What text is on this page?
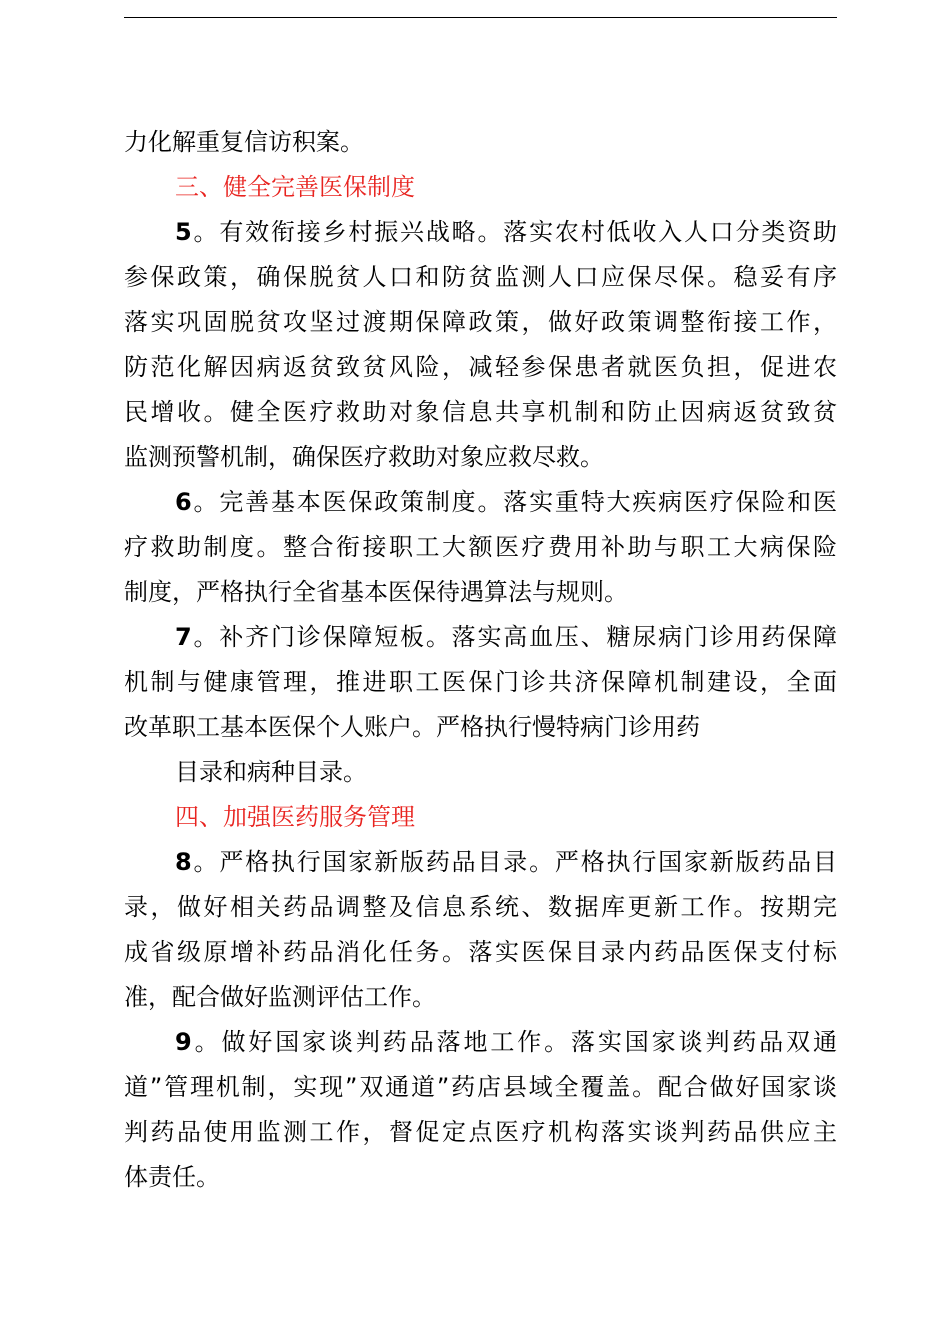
力化解重复信访积案。
三、健全完善医保制度
5。有效衔接乡村振兴战略。落实农村低收入人口分类资助
参保政策，确保脱贫人口和防贫监测人口应保尽保。稳妥有序
落实巩固脱贫攻坚过渡期保障政策，做好政策调整衔接工作，
防范化解因病返贫致贫风险，减轻参保患者就医负担，促进农
民增收。健全医疗救助对象信息共享机制和防止因病返贫致贫
监测预警机制，确保医疗救助对象应救尽救。
6。完善基本医保政策制度。落实重特大疾病医疗保险和医
疗救助制度。整合衔接职工大额医疗费用补助与职工大病保险
制度，严格执行全省基本医保待遇算法与规则。
7。补齐门诊保障短板。落实高血压、糖尿病门诊用药保障
机制与健康管理，推进职工医保门诊共济保障机制建设，全面
改革职工基本医保个人账户。严格执行慢特病门诊用药
目录和病种目录。
四、加强医药服务管理
8。严格执行国家新版药品目录。严格执行国家新版药品目
录，做好相关药品调整及信息系统、数据库更新工作。按期完
成省级原增补药品消化任务。落实医保目录内药品医保支付标
准，配合做好监测评估工作。
9。做好国家谈判药品落地工作。落实国家谈判药品双通
道”管理机制，实现”双通道”药店县域全覆盖。配合做好国家谈
判药品使用监测工作，督促定点医疗机构落实谈判药品供应主
体责任。
